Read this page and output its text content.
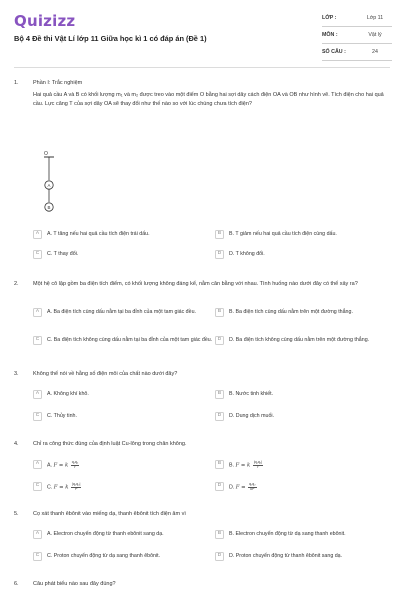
Quizizz
Bộ 4 Đề thi Vật Lí lớp 11 Giữa học kì 1 có đáp án (Đề 1)
LỚP :	Lớp 11
MÔN :	Vật lý
SỐ CÂU :	24
1.	Phần I: Trắc nghiệm
Hai quả cầu A và B có khối lượng m₁ và m₂ được treo vào một điểm O bằng hai sợi dây cách điện OA và OB như hình vẽ. Tích điện cho hai quả cầu. Lực căng T của sợi dây OA sẽ thay đổi như thế nào so với lúc chúng chưa tích điện?
O
A
B
A	A. T tăng nếu hai quả cầu tích điện trái dấu.	B	B. T giảm nếu hai quả cầu tích điện cùng dấu.
C	C. T thay đổi.	D	D. T không đổi.
2.	Một hệ cô lập gồm ba điện tích điểm, có khối lượng không đáng kể, nằm cân bằng với nhau. Tình huống nào dưới đây có thể xảy ra?
A	A. Ba điện tích cùng dấu nằm tại ba đỉnh của một tam giác đều.	B	B. Ba điện tích cùng dấu nằm trên một đường thẳng.
C	C. Ba điện tích không cùng dấu nằm tại ba đỉnh của một tam giác đều.	D	D. Ba điện tích không cùng dấu nằm trên một đường thẳng.
3.	Không thể nói về hằng số điện môi của chất nào dưới đây?
A	A. Không khí khô.	B	B. Nước tinh khiết.
C	C. Thủy tinh.	D	D. Dung dịch muối.
4.	Chỉ ra công thức đúng của định luật Cu-lông trong chân không.
A	A. F = k $\frac{\text{q₁q₂}}{r}$	B	B. F = k $\frac{\text{|q₁q₂|}}{r}$
C	C. F = k $\frac{\text{|q₁q₂|}}{\text{r²}}$	D	D. $F = \frac{\text{q₁q₂}}{\text{kr²}}$
5.	Cọ xát thanh êbônit vào miếng dạ, thanh êbônit tích điện âm vì
A	A. Electron chuyển động từ thanh ebônit sang dạ.	B	B. Electron chuyển động từ dạ sang thanh ebônit.
C	C. Proton chuyển động từ dạ sang thanh êbônit.	D	D. Proton chuyển động từ thanh êbônit sang dạ.
6.	Câu phát biểu nào sau đây đúng?
